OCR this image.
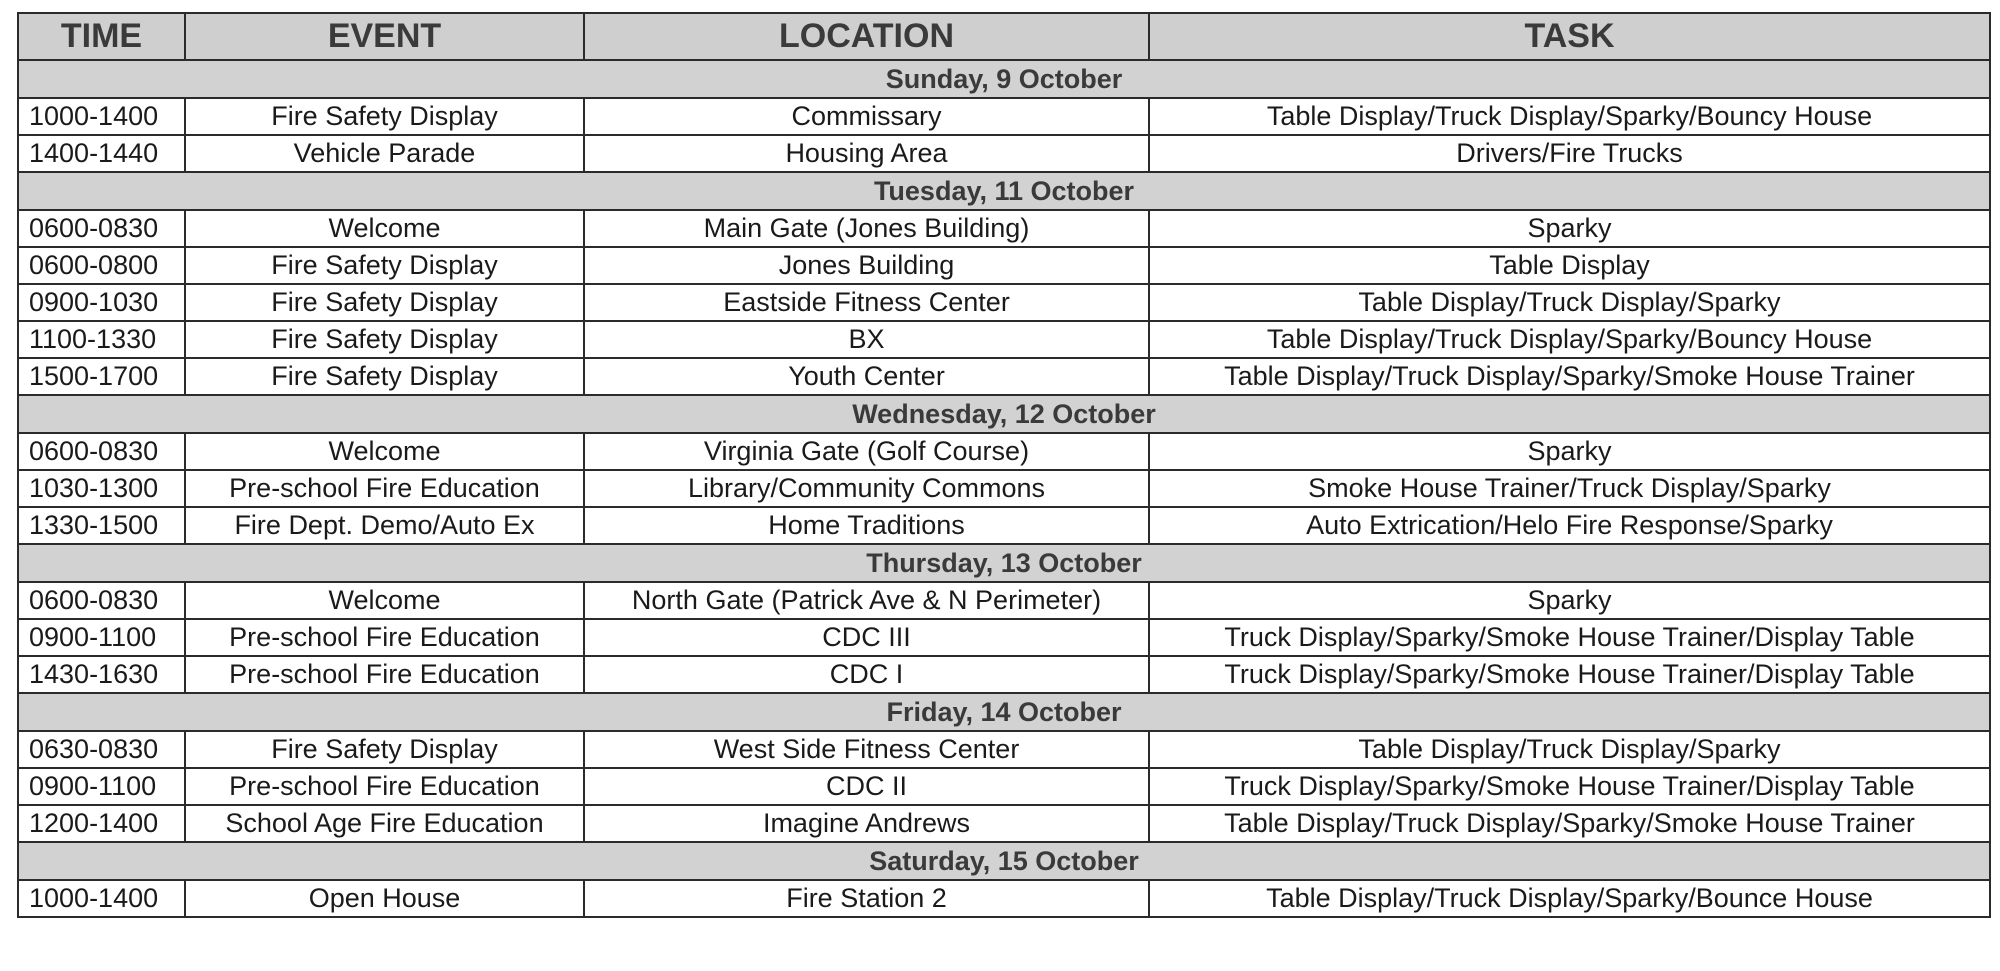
TIME	EVENT	LOCATION	TASK
Sunday, 9 October			
1000-1400	Fire Safety Display	Commissary	Table Display/Truck Display/Sparky/Bouncy House
1400-1440	Vehicle Parade	Housing Area	Drivers/Fire Trucks
Tuesday, 11 October			
0600-0830	Welcome	Main Gate (Jones Building)	Sparky
0600-0800	Fire Safety Display	Jones Building	Table Display
0900-1030	Fire Safety Display	Eastside Fitness Center	Table Display/Truck Display/Sparky
1100-1330	Fire Safety Display	BX	Table Display/Truck Display/Sparky/Bouncy House
1500-1700	Fire Safety Display	Youth Center	Table Display/Truck Display/Sparky/Smoke House Trainer
Wednesday, 12 October			
0600-0830	Welcome	Virginia Gate (Golf Course)	Sparky
1030-1300	Pre-school Fire Education	Library/Community Commons	Smoke House Trainer/Truck Display/Sparky
1330-1500	Fire Dept. Demo/Auto Ex	Home Traditions	Auto Extrication/Helo Fire Response/Sparky
Thursday, 13 October			
0600-0830	Welcome	North Gate (Patrick Ave & N Perimeter)	Sparky
0900-1100	Pre-school Fire Education	CDC III	Truck Display/Sparky/Smoke House Trainer/Display Table
1430-1630	Pre-school Fire Education	CDC I	Truck Display/Sparky/Smoke House Trainer/Display Table
Friday, 14 October			
0630-0830	Fire Safety Display	West Side Fitness Center	Table Display/Truck Display/Sparky
0900-1100	Pre-school Fire Education	CDC II	Truck Display/Sparky/Smoke House Trainer/Display Table
1200-1400	School Age Fire Education	Imagine Andrews	Table Display/Truck Display/Sparky/Smoke House Trainer
Saturday, 15 October			
1000-1400	Open House	Fire Station 2	Table Display/Truck Display/Sparky/Bounce House
